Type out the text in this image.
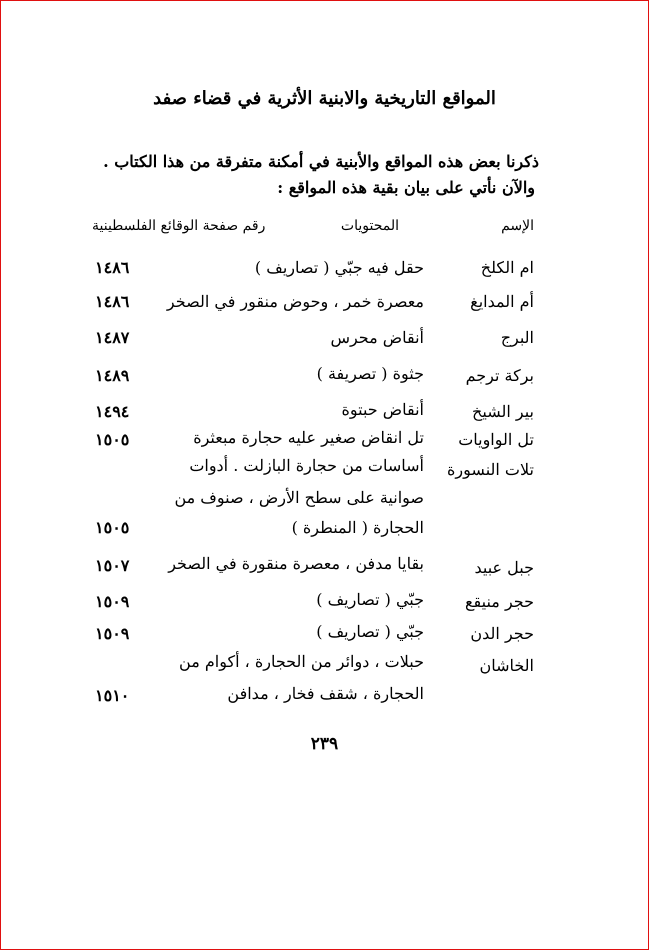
المواقع التاريخية والابنية الأثرية في قضاء صفد
ذكرنا بعض هذه المواقع والأبنية في أمكنة متفرقة من هذا الكتاب .
والآن نأتي على بيان بقية هذه المواقع :
الإسم
المحتويات
رقم صفحة الوقائع الفلسطينية
ام الكلخ
حقل فيه جبّي ( تصاريف )
١٤٨٦
أم المدايغ
معصرة خمر ، وحوض منقور في الصخر
١٤٨٦
البرج
أنقاض محرس
١٤٨٧
بركة ترجم
جثوة ( تصريفة )
١٤٨٩
بير الشيخ
أنقاض حبتوة
١٤٩٤
تل الواويات
تل انقاض صغير عليه حجارة مبعثرة
١٥٠٥
تلات النسورة
أساسات من حجارة البازلت . أدوات
صوانية على سطح الأرض ، صنوف من
الحجارة ( المنطرة )
١٥٠٥
جبل عبيد
بقايا مدفن ، معصرة منقورة في الصخر
١٥٠٧
حجر منيقع
جبّي ( تصاريف )
١٥٠٩
حجر الدن
جبّي ( تصاريف )
١٥٠٩
الخاشان
حبلات ، دوائر من الحجارة ، أكوام من
الحجارة ، شقف فخار ، مدافن
١٥١٠
٢٣٩
